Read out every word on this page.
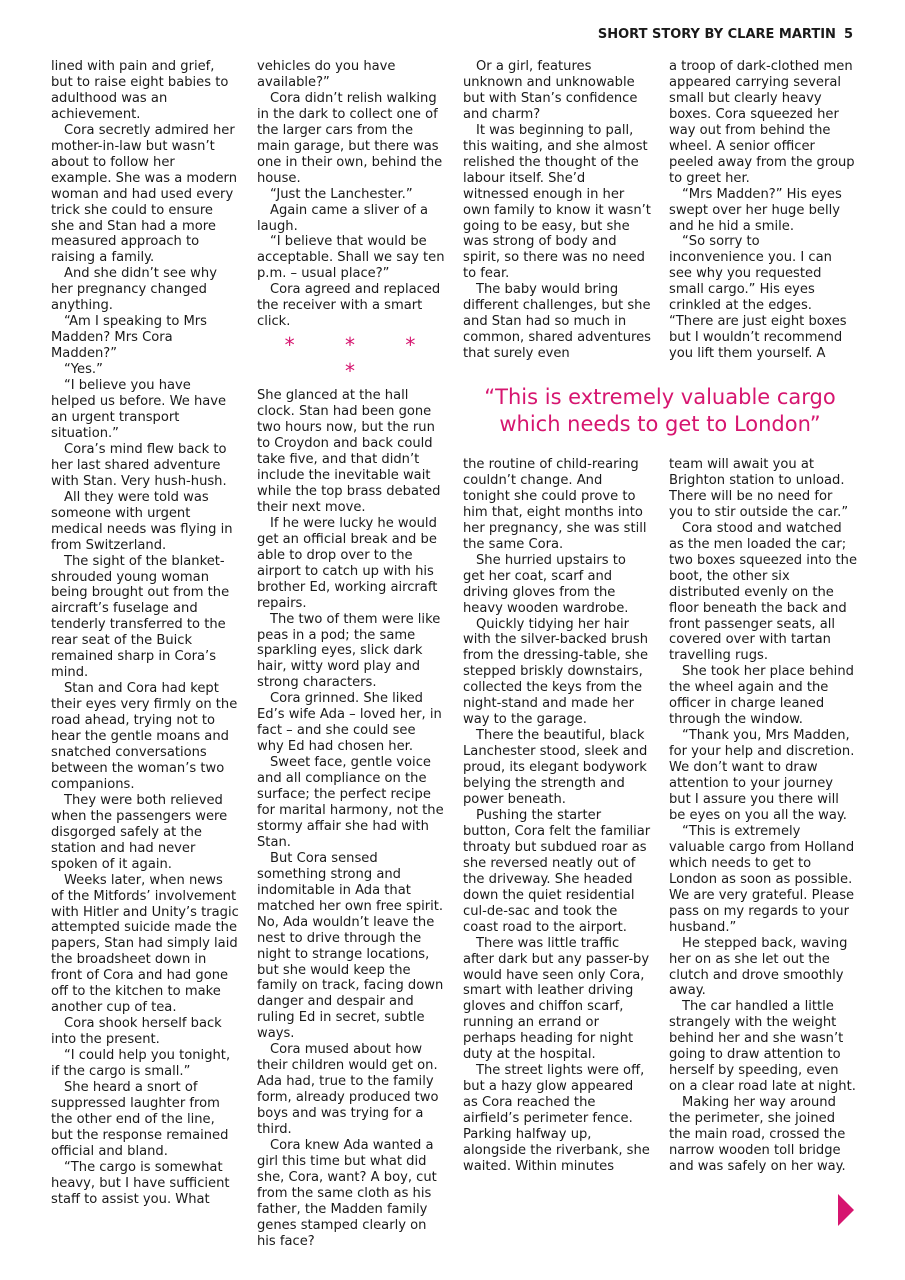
SHORT STORY BY CLARE MARTIN 5

lined with pain and grief, but to raise eight babies to adulthood was an achievement.

Cora secretly admired her mother-in-law but wasn’t about to follow her example. She was a modern woman and had used every trick she could to ensure she and Stan had a more measured approach to raising a family.

And she didn’t see why her pregnancy changed anything.

“Am I speaking to Mrs Madden? Mrs Cora Madden?”

“Yes.”

“I believe you have helped us before. We have an urgent transport situation.”

Cora’s mind flew back to her last shared adventure with Stan. Very hush-hush.

All they were told was someone with urgent medical needs was flying in from Switzerland.

The sight of the blanket-shrouded young woman being brought out from the aircraft’s fuselage and tenderly transferred to the rear seat of the Buick remained sharp in Cora’s mind.

Stan and Cora had kept their eyes very firmly on the road ahead, trying not to hear the gentle moans and snatched conversations between the woman’s two companions.

They were both relieved when the passengers were disgorged safely at the station and had never spoken of it again.

Weeks later, when news of the Mitfords’ involvement with Hitler and Unity’s tragic attempted suicide made the papers, Stan had simply laid the broadsheet down in front of Cora and had gone off to the kitchen to make another cup of tea.

Cora shook herself back into the present.

“I could help you tonight, if the cargo is small.”

She heard a snort of suppressed laughter from the other end of the line, but the response remained official and bland.

“The cargo is somewhat heavy, but I have sufficient staff to assist you. What

vehicles do you have available?”

Cora didn’t relish walking in the dark to collect one of the larger cars from the main garage, but there was one in their own, behind the house.

“Just the Lanchester.”

Again came a sliver of a laugh.

“I believe that would be acceptable. Shall we say ten p.m. – usual place?”

Cora agreed and replaced the receiver with a smart click.

* * * *

She glanced at the hall clock. Stan had been gone two hours now, but the run to Croydon and back could take five, and that didn’t include the inevitable wait while the top brass debated their next move.

If he were lucky he would get an official break and be able to drop over to the airport to catch up with his brother Ed, working aircraft repairs.

The two of them were like peas in a pod; the same sparkling eyes, slick dark hair, witty word play and strong characters.

Cora grinned. She liked Ed’s wife Ada – loved her, in fact – and she could see why Ed had chosen her.

Sweet face, gentle voice and all compliance on the surface; the perfect recipe for marital harmony, not the stormy affair she had with Stan.

But Cora sensed something strong and indomitable in Ada that matched her own free spirit. No, Ada wouldn’t leave the nest to drive through the night to strange locations, but she would keep the family on track, facing down danger and despair and ruling Ed in secret, subtle ways.

Cora mused about how their children would get on. Ada had, true to the family form, already produced two boys and was trying for a third.

Cora knew Ada wanted a girl this time but what did she, Cora, want? A boy, cut from the same cloth as his father, the Madden family genes stamped clearly on his face?

Or a girl, features unknown and unknowable but with Stan’s confidence and charm?

It was beginning to pall, this waiting, and she almost relished the thought of the labour itself. She’d witnessed enough in her own family to know it wasn’t going to be easy, but she was strong of body and spirit, so there was no need to fear.

The baby would bring different challenges, but she and Stan had so much in common, shared adventures that surely even

a troop of dark-clothed men appeared carrying several small but clearly heavy boxes. Cora squeezed her way out from behind the wheel. A senior officer peeled away from the group to greet her.

“Mrs Madden?” His eyes swept over her huge belly and he hid a smile.

“So sorry to inconvenience you. I can see why you requested small cargo.” His eyes crinkled at the edges. “There are just eight boxes but I wouldn’t recommend you lift them yourself. A

“This is extremely valuable cargo which needs to get to London”

the routine of child-rearing couldn’t change. And tonight she could prove to him that, eight months into her pregnancy, she was still the same Cora.

She hurried upstairs to get her coat, scarf and driving gloves from the heavy wooden wardrobe.

Quickly tidying her hair with the silver-backed brush from the dressing-table, she stepped briskly downstairs, collected the keys from the night-stand and made her way to the garage.

There the beautiful, black Lanchester stood, sleek and proud, its elegant bodywork belying the strength and power beneath.

Pushing the starter button, Cora felt the familiar throaty but subdued roar as she reversed neatly out of the driveway. She headed down the quiet residential cul-de-sac and took the coast road to the airport.

There was little traffic after dark but any passer-by would have seen only Cora, smart with leather driving gloves and chiffon scarf, running an errand or perhaps heading for night duty at the hospital.

The street lights were off, but a hazy glow appeared as Cora reached the airfield’s perimeter fence. Parking halfway up, alongside the riverbank, she waited. Within minutes

team will await you at Brighton station to unload. There will be no need for you to stir outside the car.”

Cora stood and watched as the men loaded the car; two boxes squeezed into the boot, the other six distributed evenly on the floor beneath the back and front passenger seats, all covered over with tartan travelling rugs.

She took her place behind the wheel again and the officer in charge leaned through the window.

“Thank you, Mrs Madden, for your help and discretion. We don’t want to draw attention to your journey but I assure you there will be eyes on you all the way.

“This is extremely valuable cargo from Holland which needs to get to London as soon as possible. We are very grateful. Please pass on my regards to your husband.”

He stepped back, waving her on as she let out the clutch and drove smoothly away.

The car handled a little strangely with the weight behind her and she wasn’t going to draw attention to herself by speeding, even on a clear road late at night.

Making her way around the perimeter, she joined the main road, crossed the narrow wooden toll bridge and was safely on her way.
